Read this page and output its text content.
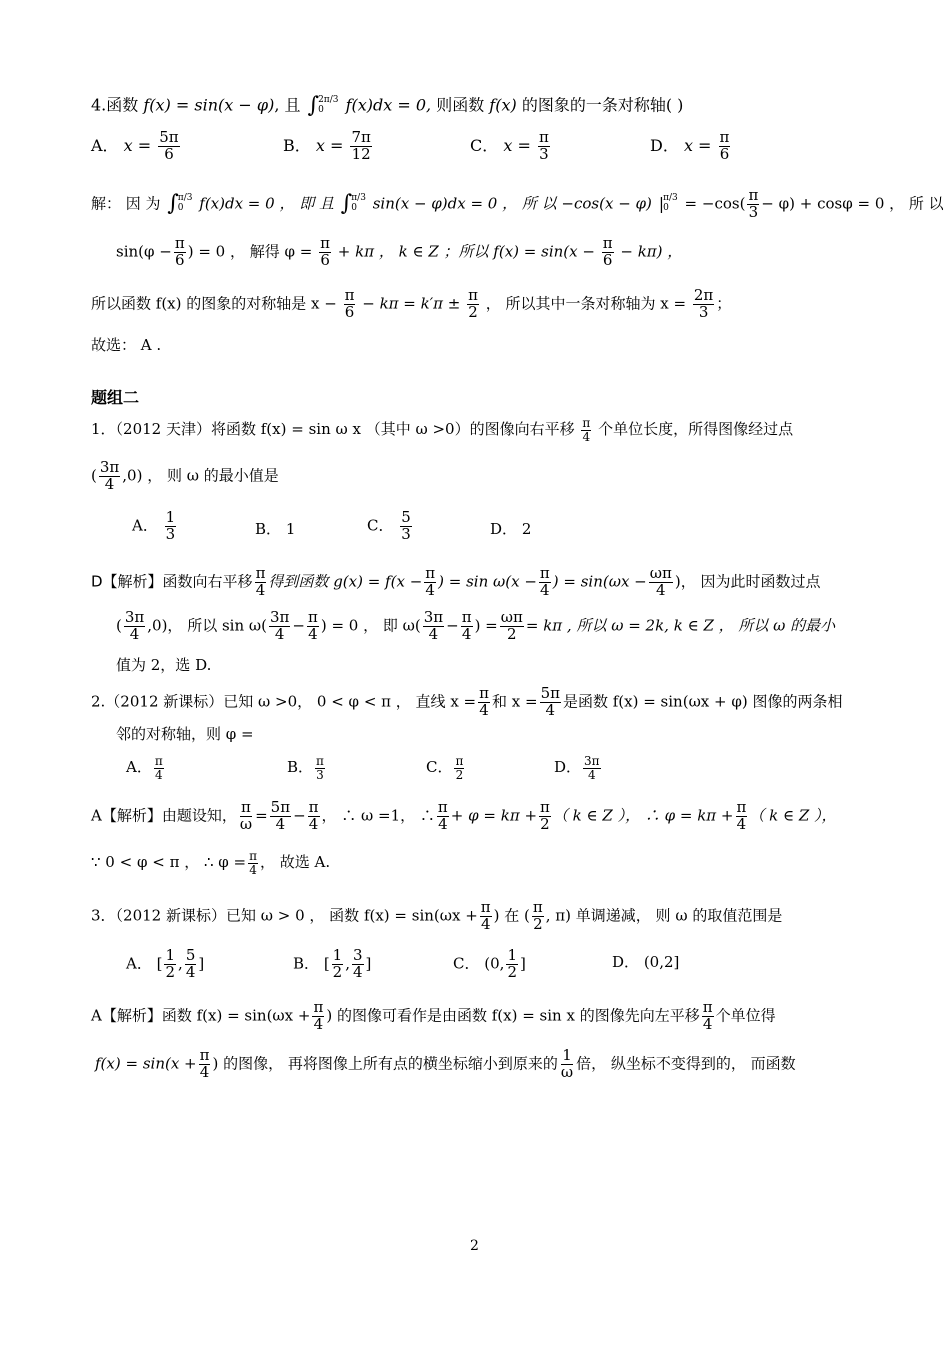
4.函数 f(x) = sin(x − φ), 且 ∫ 2π/3
0	f(x)dx = 0, 则函数 f(x) 的图象的一条对称轴( )
A． $x = \frac{5\pi}{6}$	B． $x = \frac{7\pi}{12}$	C． $x = \frac{\pi}{3}$	D． $x = \frac{\pi}{6}$
解： 因 为 ∫ π/3
0	f(x)dx = 0 ， 即 且 ∫ π/3
0	sin(x − φ)dx = 0 ， 所 以 −cos(x − φ) | π/3
0	= $-\cos( \frac{\pi}{3} - \varphi) + \cos\varphi = 0$ ， 所 以
$\sin(\varphi - \frac{\pi}{6}$ ) = 0 ， 解得 $\varphi = \frac{\pi}{6} + k\pi$ ， k ∈ Z ；所以 $f(x) = \sin(x - \frac{\pi}{6} - k\pi)$ ，
所以函数 f(x) 的图象的对称轴是 $x - \frac{\pi}{6} - k\pi = k'\pi \pm \frac{\pi}{2}$ ， 所以其中一条对称轴为 $x = \frac{2\pi}{3}$ ；
故选： A .
题组二
1．（2012 天津）将函数 f(x) = sin ω x （其中 ω >0）的图像向右平移 $\frac{\pi}{4}$ 个单位长度，所得图像经过点
( $\frac{3\pi}{4} ,0$) ， 则 ω 的最小值是
A． $\frac{1}{3}$	B． 1	C． $\frac{5}{3}$	D． 2
D【解析】函数向右平移 $\frac{\pi}{4}$ 得到函数 $g(x) = f(x - \frac{\pi}{4}$ ) = $\sin \omega(x - \frac{\pi}{4}$ ) = $\sin(\omega x - \frac{\omega\pi}{4}$ )， 因为此时函数过点
( $\frac{3\pi}{4} ,0$)， 所以 $\sin \omega( \frac{3\pi}{4} - \frac{\pi}{4}$ ) = 0 ， 即 $\omega( \frac{3\pi}{4} - \frac{\pi}{4}$ ) = $\frac{\omega\pi}{2} = k\pi$ , 所以 ω = 2k, k ∈ Z ， 所以 ω 的最小
值为 2，选 D.
2.（2012 新课标）已知 ω >0， 0 < φ < π ， 直线 $x = \frac{\pi}{4}$ 和 $x = \frac{5\pi}{4}$ 是函数 f(x) = sin(ωx + φ) 图像的两条相
邻的对称轴，则 φ =
A． $\frac{\pi}{4}$	B． $\frac{\pi}{3}$	C． $\frac{\pi}{2}$	D． $\frac{3\pi}{4}$
A【解析】由题设知， $\frac{\pi}{\omega} = \frac{5\pi}{4} - \frac{\pi}{4}$ ， ∴ ω =1， ∴ $\frac{\pi}{4} + \varphi = k\pi + \frac{\pi}{2}$ （ k ∈ Z ）， ∴ $\varphi = k\pi + \frac{\pi}{4}$ （ k ∈ Z ），
∵ 0 < φ < π ， ∴ $\varphi = \frac{\pi}{4}$ ， 故选 A.
3．（2012 新课标）已知 ω > 0 ， 函数 $f(x) = \sin(\omega x + \frac{\pi}{4}$ ) 在 ( $\frac{\pi}{2}$ , π) 单调递减， 则 ω 的取值范围是
A． [ $\frac{1}{2}$ , $\frac{5}{4}$ ]	B． [ $\frac{1}{2}$ , $\frac{3}{4}$ ]	C． (0, $\frac{1}{2}$ ]	D． (0,2]
A【解析】函数 $f(x) = \sin(\omega x + \frac{\pi}{4}$ ) 的图像可看作是由函数 f(x) = sin x 的图像先向左平移 $\frac{\pi}{4}$ 个单位得
$f(x) = \sin(x + \frac{\pi}{4}$ ) 的图像， 再将图像上所有点的横坐标缩小到原来的 $\frac{1}{\omega}$ 倍， 纵坐标不变得到的， 而函数
2
